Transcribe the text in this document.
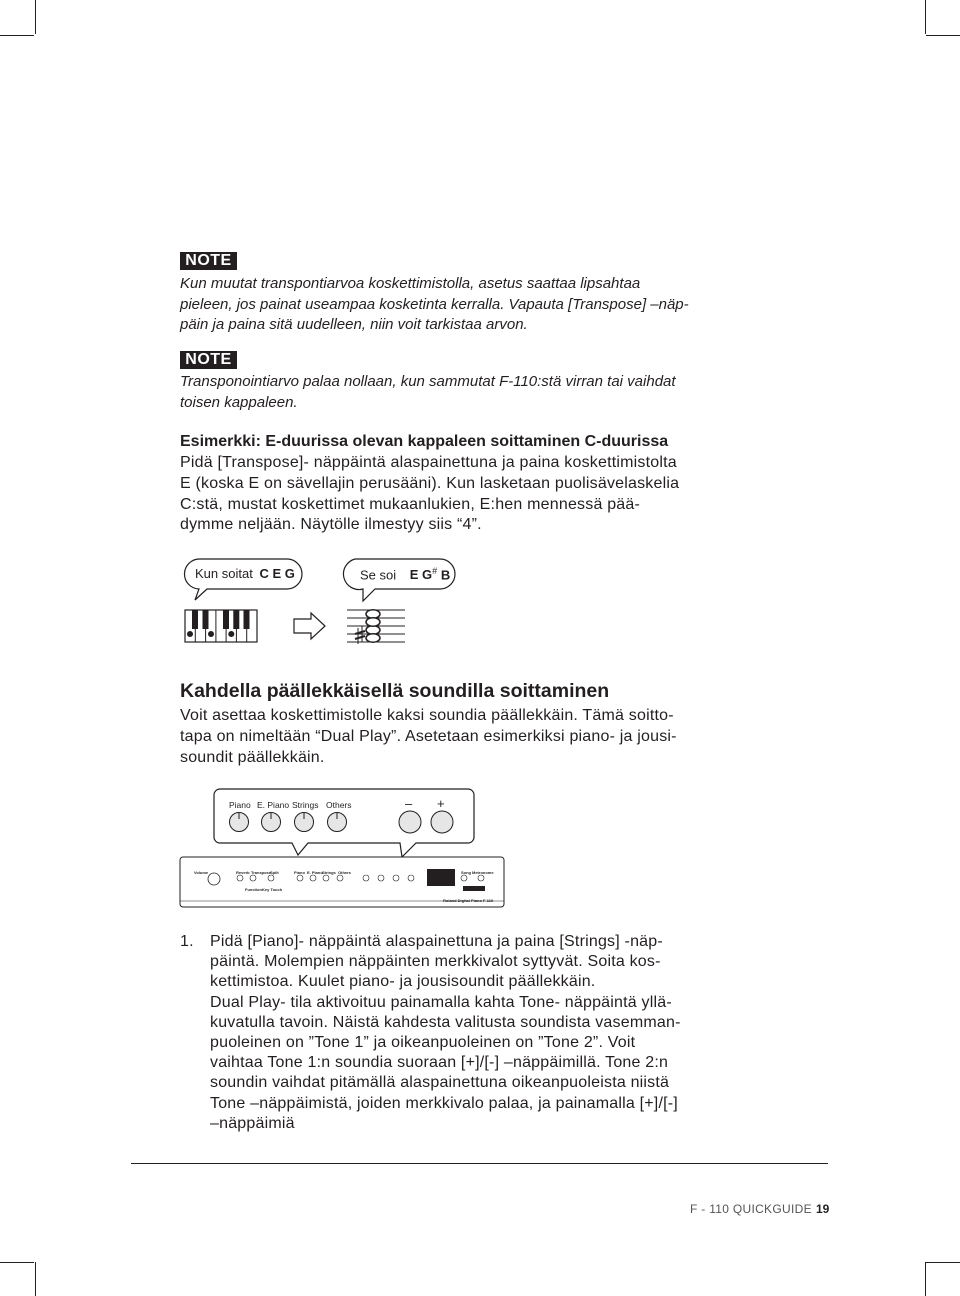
NOTE
Kun muutat transpontiarvoa koskettimistolla, asetus saattaa lipsahtaa
pieleen, jos painat useampaa kosketinta kerralla. Vapauta [Transpose] –näp-
päin ja paina sitä uudelleen, niin voit tarkistaa arvon.
NOTE
Transponointiarvo palaa nollaan, kun sammutat F-110:stä virran tai vaihdat
toisen kappaleen.
Esimerkki: E-duurissa olevan kappaleen soittaminen C-duurissa
Pidä [Transpose]- näppäintä alaspainettuna ja paina koskettimistolta
E (koska E on sävellajin perusääni). Kun lasketaan puolisävelaskelia
C:stä, mustat koskettimet mukaanlukien, E:hen mennessä pää-
dymme neljään. Näytölle ilmestyy siis “4”.
Kun soitat C E G	Se soi E G# B
Kahdella päällekkäisellä soundilla soittaminen
Voit asettaa koskettimistolle kaksi soundia päällekkäin. Tämä soitto-
tapa on nimeltään “Dual Play”. Asetetaan esimerkiksi piano- ja jousi-
soundit päällekkäin.
Piano E. Piano Strings Others	– +
Volume	Reverb Transpose
Split
Function Key Touch
Piano E. Piano Strings Others	Song Metronome
Roland Digital Piano F-110
1. Pidä [Piano]- näppäintä alaspainettuna ja paina [Strings] -näp-
päintä. Molempien näppäinten merkkivalot syttyvät. Soita kos-
kettimistoa. Kuulet piano- ja jousisoundit päällekkäin.
Dual Play- tila aktivoituu painamalla kahta Tone- näppäintä yllä-
kuvatulla tavoin. Näistä kahdesta valitusta soundista vasemman-
puoleinen on ”Tone 1” ja oikeanpuoleinen on ”Tone 2”. Voit
vaihtaa Tone 1:n soundia suoraan [+]/[-] –näppäimillä. Tone 2:n
soundin vaihdat pitämällä alaspainettuna oikeanpuoleista niistä
Tone –näppäimistä, joiden merkkivalo palaa, ja painamalla [+]/[-]
–näppäimiä
F - 110 QUICKGUIDE 19
